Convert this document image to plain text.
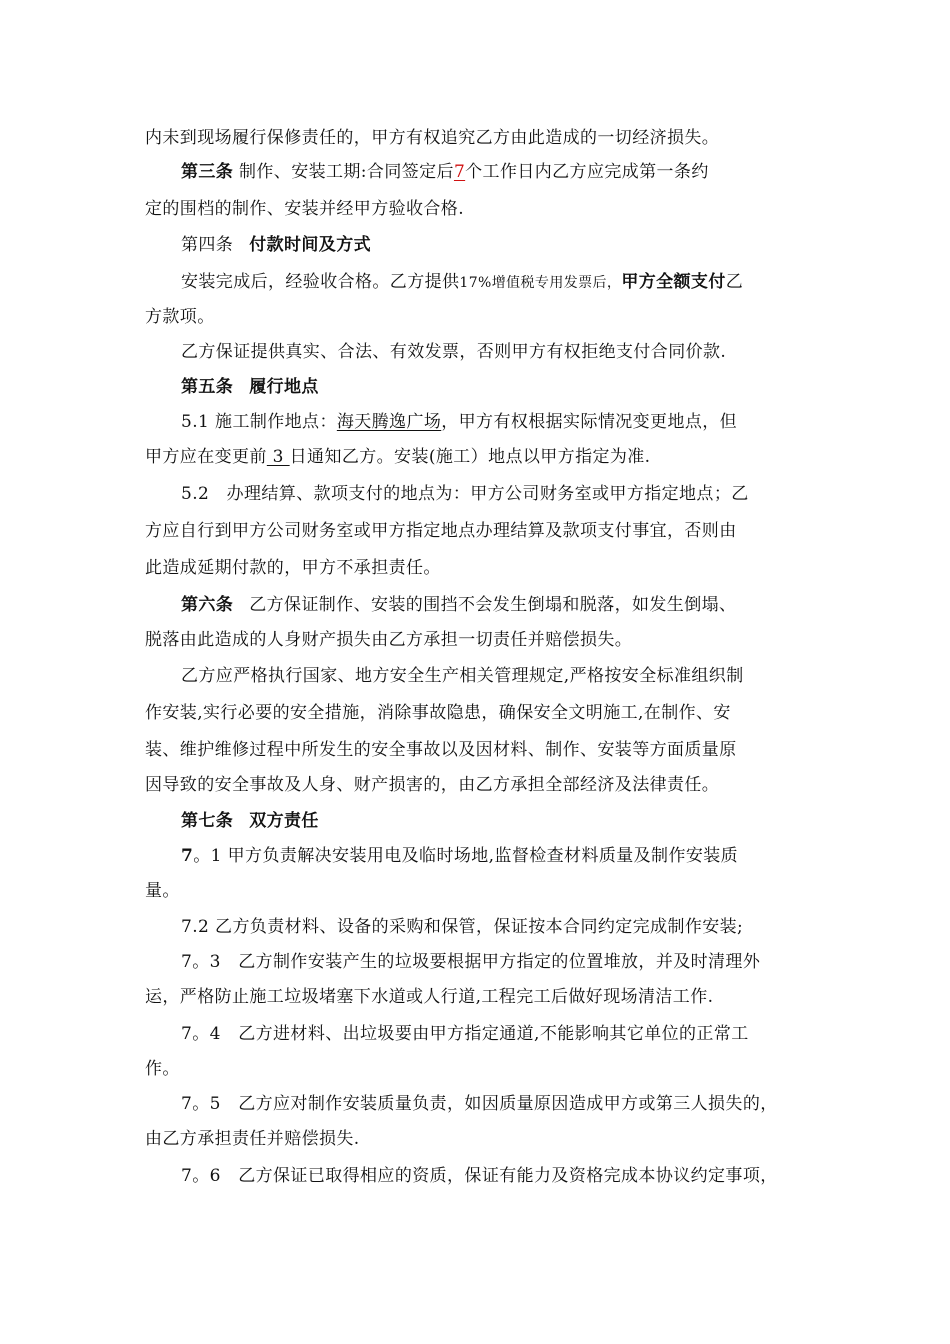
内未到现场履行保修责任的，甲方有权追究乙方由此造成的一切经济损失。
第三条 制作、安装工期:合同签定后7个工作日内乙方应完成第一条约
定的围档的制作、安装并经甲方验收合格.
第四条 付款时间及方式
安装完成后，经验收合格。乙方提供17%增值税专用发票后，甲方全额支付乙
方款项。
乙方保证提供真实、合法、有效发票，否则甲方有权拒绝支付合同价款.
第五条 履行地点
5.1 施工制作地点：海天腾逸广场，甲方有权根据实际情况变更地点，但
甲方应在变更前 3 日通知乙方。安装(施工）地点以甲方指定为准.
5.2　办理结算、款项支付的地点为：甲方公司财务室或甲方指定地点；乙
方应自行到甲方公司财务室或甲方指定地点办理结算及款项支付事宜，否则由
此造成延期付款的，甲方不承担责任。
第六条 乙方保证制作、安装的围挡不会发生倒塌和脱落，如发生倒塌、
脱落由此造成的人身财产损失由乙方承担一切责任并赔偿损失。
乙方应严格执行国家、地方安全生产相关管理规定,严格按安全标准组织制
作安装,实行必要的安全措施，消除事故隐患，确保安全文明施工,在制作、安
装、维护维修过程中所发生的安全事故以及因材料、制作、安装等方面质量原
因导致的安全事故及人身、财产损害的，由乙方承担全部经济及法律责任。
第七条 双方责任
7。1 甲方负责解决安装用电及临时场地,监督检查材料质量及制作安装质
量。
7.2 乙方负责材料、设备的采购和保管，保证按本合同约定完成制作安装;
7。3　乙方制作安装产生的垃圾要根据甲方指定的位置堆放，并及时清理外
运，严格防止施工垃圾堵塞下水道或人行道,工程完工后做好现场清洁工作.
7。4　乙方进材料、出垃圾要由甲方指定通道,不能影响其它单位的正常工
作。
7。5　乙方应对制作安装质量负责，如因质量原因造成甲方或第三人损失的，
由乙方承担责任并赔偿损失.
7。6　乙方保证已取得相应的资质，保证有能力及资格完成本协议约定事项，
